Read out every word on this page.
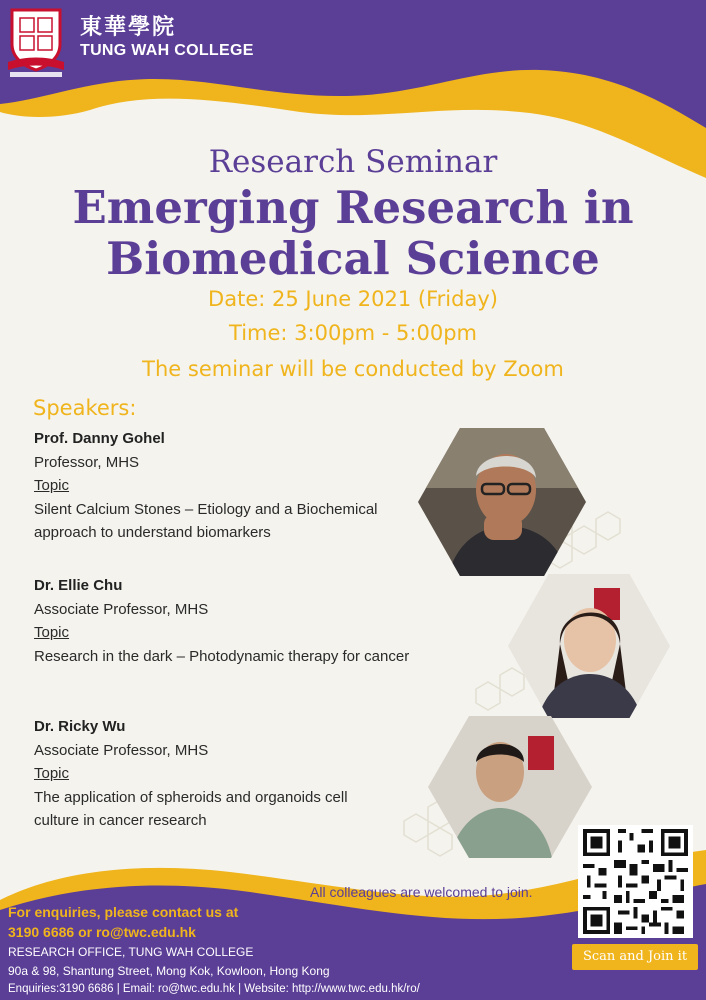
東華學院
TUNG WAH COLLEGE
Research Seminar
Emerging Research in
Biomedical Science
Date: 25 June 2021 (Friday)
Time: 3:00pm - 5:00pm
The seminar will be conducted by Zoom
Speakers:
Prof. Danny Gohel
Professor, MHS
Topic
Silent Calcium Stones – Etiology and a Biochemical
approach to understand biomarkers
Dr. Ellie Chu
Associate Professor, MHS
Topic
Research in the dark – Photodynamic therapy for cancer
Dr. Ricky Wu
Associate Professor, MHS
Topic
The application of spheroids and organoids cell
culture in cancer research
All colleagues are welcomed to join.
For enquiries, please contact us at
3190 6686 or ro@twc.edu.hk
RESEARCH OFFICE, TUNG WAH COLLEGE
90a & 98, Shantung Street, Mong Kok, Kowloon, Hong Kong
Enquiries:3190 6686 | Email: ro@twc.edu.hk | Website: http://www.twc.edu.hk/ro/
Scan and Join it
